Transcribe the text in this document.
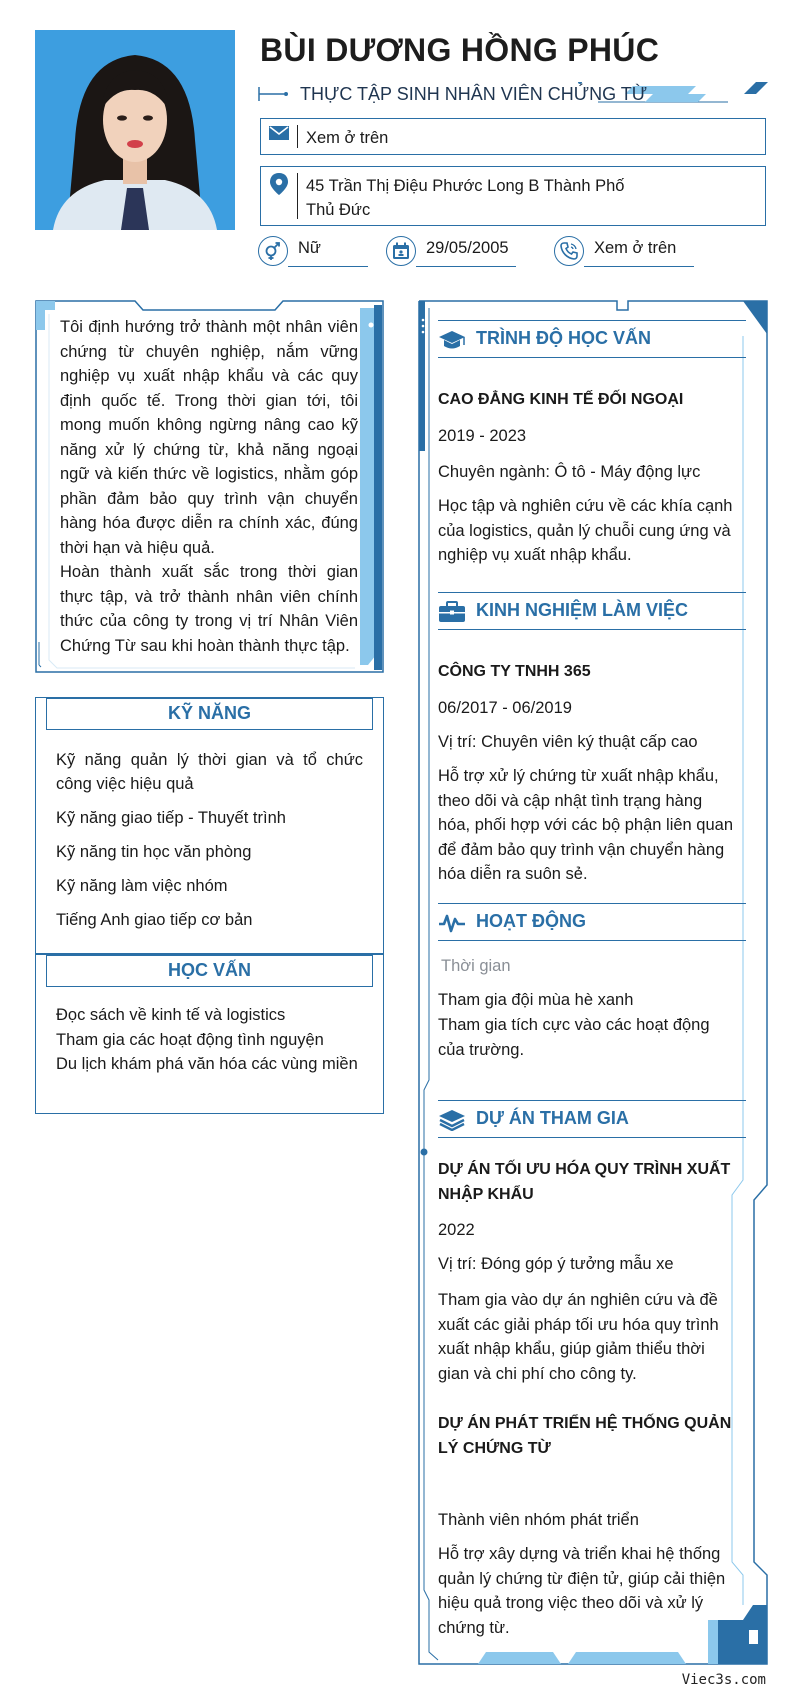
BÙI DƯƠNG HỒNG PHÚC
THỰC TẬP SINH NHÂN VIÊN CHỨNG TỪ
Xem ở trên
45 Trần Thị Điệu Phước Long B Thành Phố
Thủ Đức
Nữ	29/05/2005	Xem ở trên
Tôi định hướng trở thành một nhân viên chứng từ chuyên nghiệp, nắm vững nghiệp vụ xuất nhập khẩu và các quy định quốc tế. Trong thời gian tới, tôi mong muốn không ngừng nâng cao kỹ năng xử lý chứng từ, khả năng ngoại ngữ và kiến thức về logistics, nhằm góp phần đảm bảo quy trình vận chuyển hàng hóa được diễn ra chính xác, đúng thời hạn và hiệu quả.
Hoàn thành xuất sắc trong thời gian thực tập, và trở thành nhân viên chính thức của công ty trong vị trí Nhân Viên Chứng Từ sau khi hoàn thành thực tập.
KỸ NĂNG
Kỹ năng quản lý thời gian và tổ chức công việc hiệu quả
Kỹ năng giao tiếp - Thuyết trình
Kỹ năng tin học văn phòng
Kỹ năng làm việc nhóm
Tiếng Anh giao tiếp cơ bản
HỌC VẤN
Đọc sách về kinh tế và logistics
Tham gia các hoạt động tình nguyện
Du lịch khám phá văn hóa các vùng miền
TRÌNH ĐỘ HỌC VẤN
CAO ĐẲNG KINH TẾ ĐỐI NGOẠI
2019 - 2023
Chuyên ngành: Ô tô - Máy động lực
Học tập và nghiên cứu về các khía cạnh của logistics, quản lý chuỗi cung ứng và nghiệp vụ xuất nhập khẩu.
KINH NGHIỆM LÀM VIỆC
CÔNG TY TNHH 365
06/2017 - 06/2019
Vị trí: Chuyên viên ký thuật cấp cao
Hỗ trợ xử lý chứng từ xuất nhập khẩu, theo dõi và cập nhật tình trạng hàng hóa, phối hợp với các bộ phận liên quan để đảm bảo quy trình vận chuyển hàng hóa diễn ra suôn sẻ.
HOẠT ĐỘNG
Thời gian
Tham gia đội mùa hè xanh
Tham gia tích cực vào các hoạt động của trường.
DỰ ÁN THAM GIA
DỰ ÁN TỐI ƯU HÓA QUY TRÌNH XUẤT NHẬP KHẨU
2022
Vị trí: Đóng góp ý tưởng mẫu xe
Tham gia vào dự án nghiên cứu và đề xuất các giải pháp tối ưu hóa quy trình xuất nhập khẩu, giúp giảm thiểu thời gian và chi phí cho công ty.
DỰ ÁN PHÁT TRIỂN HỆ THỐNG QUẢN LÝ CHỨNG TỪ
Thành viên nhóm phát triển
Hỗ trợ xây dựng và triển khai hệ thống quản lý chứng từ điện tử, giúp cải thiện hiệu quả trong việc theo dõi và xử lý chứng từ.
Viec3s.com
